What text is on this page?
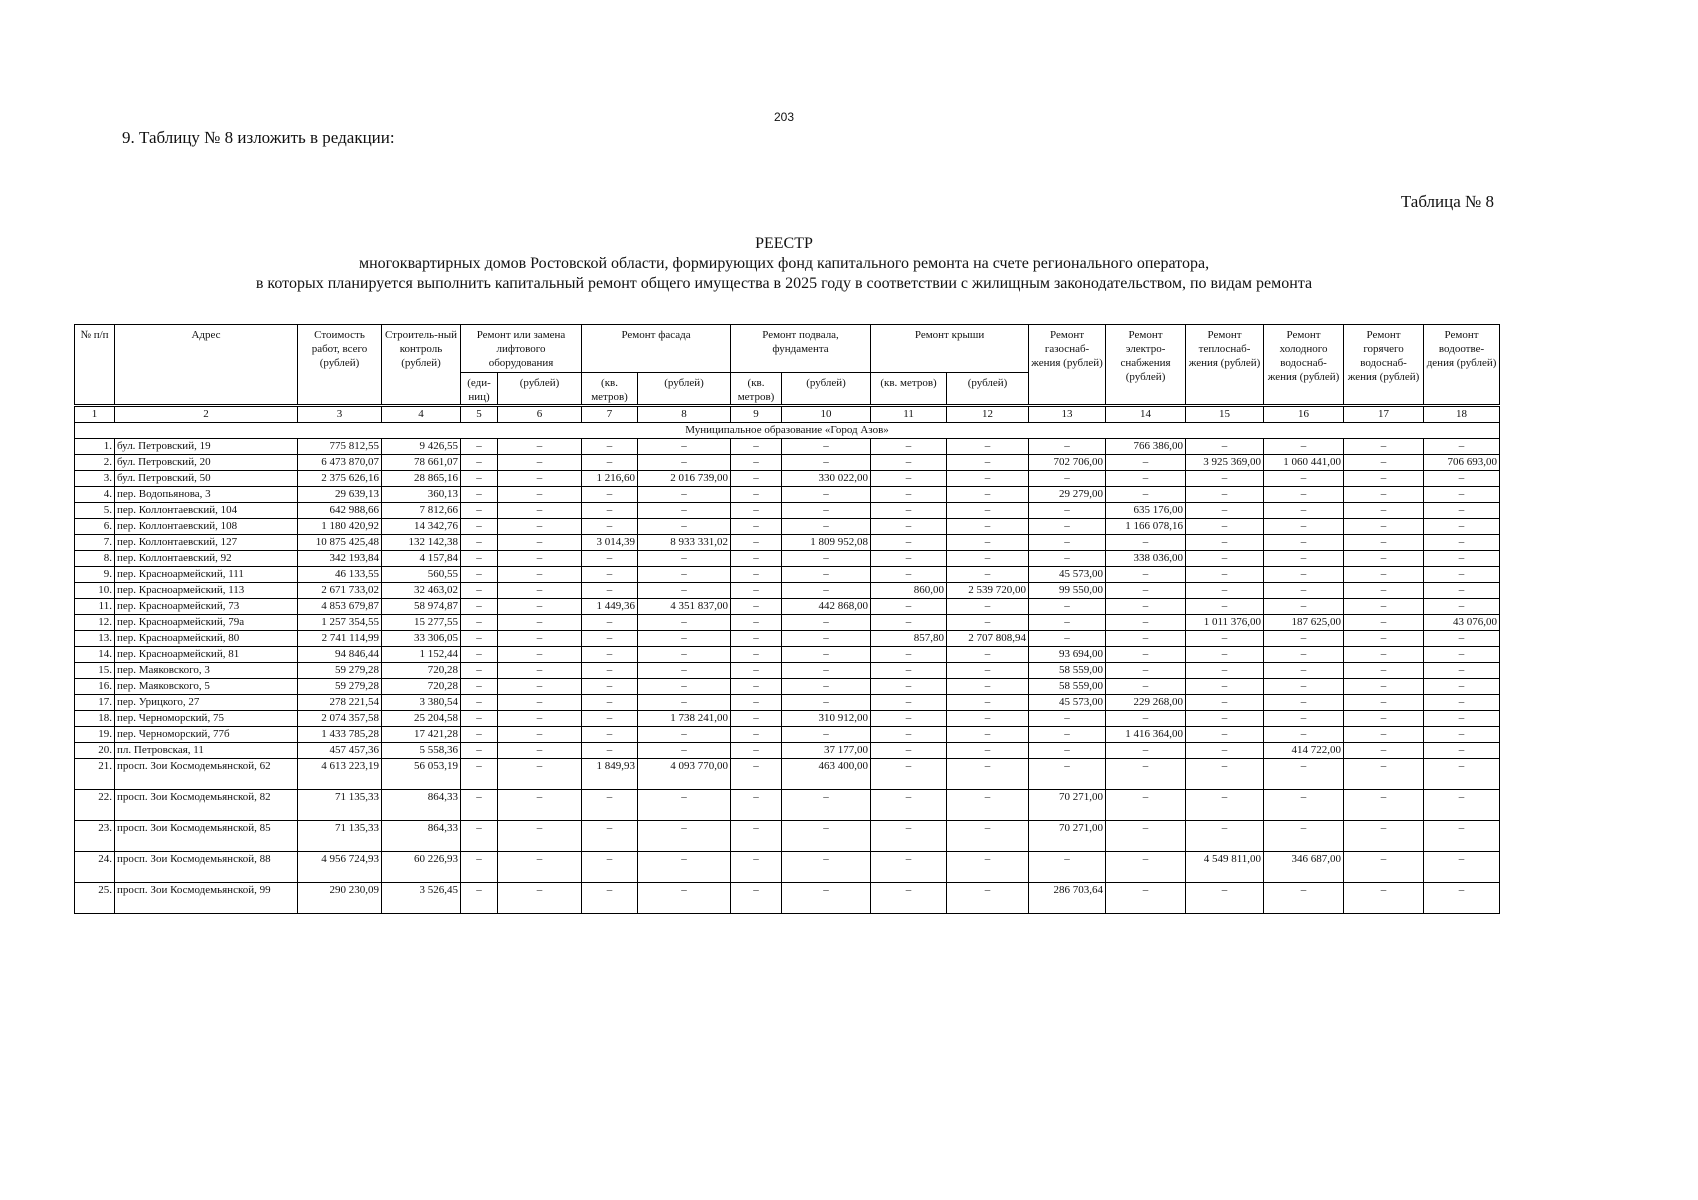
203
9. Таблицу № 8 изложить в редакции:
Таблица № 8
РЕЕСТР
многоквартирных домов Ростовской области, формирующих фонд капитального ремонта на счете регионального оператора,
в которых планируется выполнить капитальный ремонт общего имущества в 2025 году в соответствии с жилищным законодательством, по видам ремонта
№ п/п	Адрес	Стоимость работ, всего (рублей)	Строитель-ный контроль (рублей)	Ремонт или замена лифтового оборудования		Ремонт фасада		Ремонт подвала, фундамента		Ремонт крыши		Ремонт газоснаб-жения (рублей)	Ремонт электро-снабжения (рублей)	Ремонт теплоснаб-жения (рублей)	Ремонт холодного водоснаб-жения (рублей)	Ремонт горячего водоснаб-жения (рублей)	Ремонт водоотве-дения (рублей)
				(еди-ниц)	(рублей)	(кв. метров)	(рублей)	(кв. метров)	(рублей)	(кв. метров)	(рублей)						
1	2	3	4	5	6	7	8	9	10	11	12	13	14	15	16	17	18
Муниципальное образование «Город Азов»																	
1.	бул. Петровский, 19	775 812,55	9 426,55	–	–	–	–	–	–	–	–	–	766 386,00	–	–	–	–
2.	бул. Петровский, 20	6 473 870,07	78 661,07	–	–	–	–	–	–	–	–	702 706,00	–	3 925 369,00	1 060 441,00	–	706 693,00
3.	бул. Петровский, 50	2 375 626,16	28 865,16	–	–	1 216,60	2 016 739,00	–	330 022,00	–	–	–	–	–	–	–	–
4.	пер. Водопьянова, 3	29 639,13	360,13	–	–	–	–	–	–	–	–	29 279,00	–	–	–	–	–
5.	пер. Коллонтаевский, 104	642 988,66	7 812,66	–	–	–	–	–	–	–	–	–	635 176,00	–	–	–	–
6.	пер. Коллонтаевский, 108	1 180 420,92	14 342,76	–	–	–	–	–	–	–	–	–	1 166 078,16	–	–	–	–
7.	пер. Коллонтаевский, 127	10 875 425,48	132 142,38	–	–	3 014,39	8 933 331,02	–	1 809 952,08	–	–	–	–	–	–	–	–
8.	пер. Коллонтаевский, 92	342 193,84	4 157,84	–	–	–	–	–	–	–	–	–	338 036,00	–	–	–	–
9.	пер. Красноармейский, 111	46 133,55	560,55	–	–	–	–	–	–	–	–	45 573,00	–	–	–	–	–
10.	пер. Красноармейский, 113	2 671 733,02	32 463,02	–	–	–	–	–	–	860,00	2 539 720,00	99 550,00	–	–	–	–	–
11.	пер. Красноармейский, 73	4 853 679,87	58 974,87	–	–	1 449,36	4 351 837,00	–	442 868,00	–	–	–	–	–	–	–	–
12.	пер. Красноармейский, 79а	1 257 354,55	15 277,55	–	–	–	–	–	–	–	–	–	–	1 011 376,00	187 625,00	–	43 076,00
13.	пер. Красноармейский, 80	2 741 114,99	33 306,05	–	–	–	–	–	–	857,80	2 707 808,94	–	–	–	–	–	–
14.	пер. Красноармейский, 81	94 846,44	1 152,44	–	–	–	–	–	–	–	–	93 694,00	–	–	–	–	–
15.	пер. Маяковского, 3	59 279,28	720,28	–	–	–	–	–	–	–	–	58 559,00	–	–	–	–	–
16.	пер. Маяковского, 5	59 279,28	720,28	–	–	–	–	–	–	–	–	58 559,00	–	–	–	–	–
17.	пер. Урицкого, 27	278 221,54	3 380,54	–	–	–	–	–	–	–	–	45 573,00	229 268,00	–	–	–	–
18.	пер. Черноморский, 75	2 074 357,58	25 204,58	–	–	–	1 738 241,00	–	310 912,00	–	–	–	–	–	–	–	–
19.	пер. Черноморский, 77б	1 433 785,28	17 421,28	–	–	–	–	–	–	–	–	–	1 416 364,00	–	–	–	–
20.	пл. Петровская, 11	457 457,36	5 558,36	–	–	–	–	–	37 177,00	–	–	–	–	–	414 722,00	–	–
21.	просп. Зои Космодемьянской, 62	4 613 223,19	56 053,19	–	–	1 849,93	4 093 770,00	–	463 400,00	–	–	–	–	–	–	–	–
22.	просп. Зои Космодемьянской, 82	71 135,33	864,33	–	–	–	–	–	–	–	–	70 271,00	–	–	–	–	–
23.	просп. Зои Космодемьянской, 85	71 135,33	864,33	–	–	–	–	–	–	–	–	70 271,00	–	–	–	–	–
24.	просп. Зои Космодемьянской, 88	4 956 724,93	60 226,93	–	–	–	–	–	–	–	–	–	–	4 549 811,00	346 687,00	–	–
25.	просп. Зои Космодемьянской, 99	290 230,09	3 526,45	–	–	–	–	–	–	–	–	286 703,64	–	–	–	–	–
